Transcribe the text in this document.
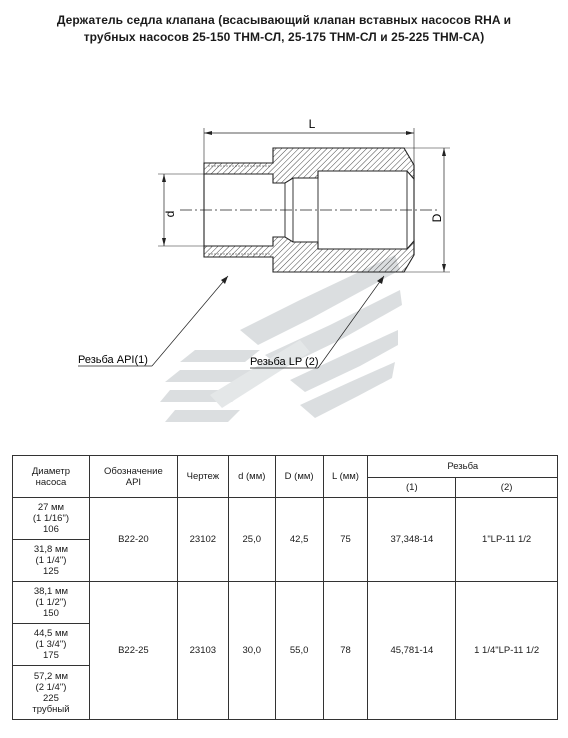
Держатель седла клапана (всасывающий клапан вставных насосов RHA и
трубных насосов 25-150 ТНМ-СЛ, 25-175 ТНМ-СЛ и 25-225 ТНМ-СА)
L
d	D
Резьба API(1)	Резьба LP (2)
Диаметр насоса	Обозначение API	Чертеж	d (мм)	D (мм)	L (мм)	Резьба	
						(1)	(2)

27 мм
(1 1/16")
106	B22-20	23102	25,0	42,5	75	37,348-14	1"LP-11 1/2

31,8 мм
(1 1/4")
125							

38,1 мм
(1 1/2")
150	B22-25	23103	30,0	55,0	78	45,781-14	1 1/4"LP-11 1/2

44,5 мм
(1 3/4")
175							

57,2 мм
(2 1/4")
225
трубный							
